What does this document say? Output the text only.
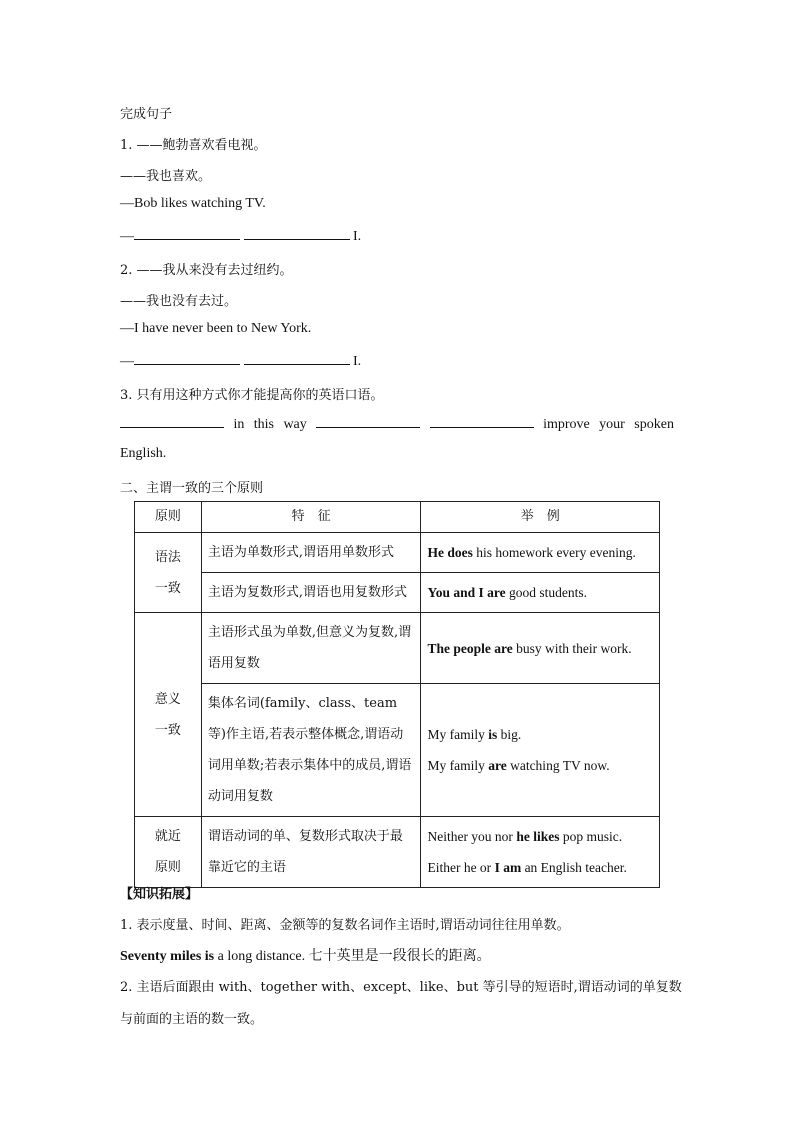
完成句子
1. ——鲍勃喜欢看电视。
——我也喜欢。
—Bob likes watching TV.
—	I.
2. ——我从来没有去过纽约。
——我也没有去过。
—I have never been to New York.
—	I.
3. 只有用这种方式你才能提高你的英语口语。
in this way	improve your spoken
English.
二、主谓一致的三个原则
原则	特　征	举　例
语法
一致	主语为单数形式,谓语用单数形式	He does his homework every evening.
	主语为复数形式,谓语也用复数形式	You and I are good students.
意义
一致	主语形式虽为单数,但意义为复数,谓语用复数	The people are busy with their work.
	集体名词(family、class、team 等)作主语,若表示整体概念,谓语动词用单数;若表示集体中的成员,谓语动词用复数	My family is big.
My family are watching TV now.
就近
原则	谓语动词的单、复数形式取决于最靠近它的主语	Neither you nor he likes pop music.
Either he or I am an English teacher.
【知识拓展】
1. 表示度量、时间、距离、金额等的复数名词作主语时,谓语动词往往用单数。
Seventy miles is a long distance. 七十英里是一段很长的距离。
2. 主语后面跟由 with、together with、except、like、but 等引导的短语时,谓语动词的单复数
与前面的主语的数一致。
